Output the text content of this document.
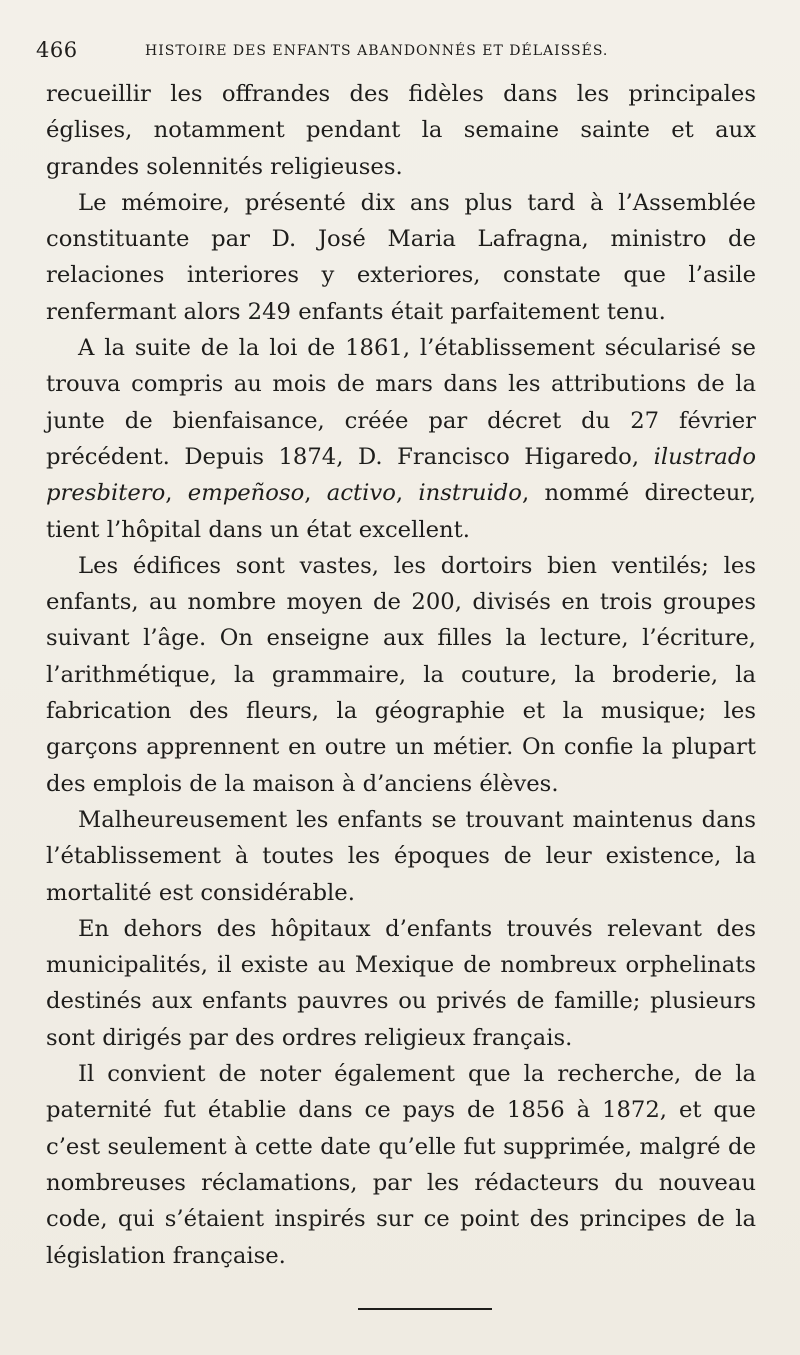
466	HISTOIRE DES ENFANTS ABANDONNÉS ET DÉLAISSÉS.

recueillir les offrandes des fidèles dans les principales églises, notamment pendant la semaine sainte et aux grandes solennités religieuses.

Le mémoire, présenté dix ans plus tard à l’Assemblée constituante par D. José Maria Lafragna, ministro de relaciones interiores y exteriores, constate que l’asile renfermant alors 249 enfants était parfaitement tenu.

A la suite de la loi de 1861, l’établissement sécularisé se trouva compris au mois de mars dans les attributions de la junte de bienfaisance, créée par décret du 27 février précédent. Depuis 1874, D. Francisco Higaredo, ilustrado presbitero, empeñoso, activo, instruido, nommé directeur, tient l’hôpital dans un état excellent.

Les édifices sont vastes, les dortoirs bien ventilés; les enfants, au nombre moyen de 200, divisés en trois groupes suivant l’âge. On enseigne aux filles la lecture, l’écriture, l’arithmétique, la grammaire, la couture, la broderie, la fabrication des fleurs, la géographie et la musique; les garçons apprennent en outre un métier. On confie la plupart des emplois de la maison à d’anciens élèves.

Malheureusement les enfants se trouvant maintenus dans l’établissement à toutes les époques de leur existence, la mortalité est considérable.

En dehors des hôpitaux d’enfants trouvés relevant des municipalités, il existe au Mexique de nombreux orphelinats destinés aux enfants pauvres ou privés de famille; plusieurs sont dirigés par des ordres religieux français.

Il convient de noter également que la recherche, de la paternité fut établie dans ce pays de 1856 à 1872, et que c’est seulement à cette date qu’elle fut supprimée, malgré de nombreuses réclamations, par les rédacteurs du nouveau code, qui s’étaient inspirés sur ce point des principes de la législation française.
